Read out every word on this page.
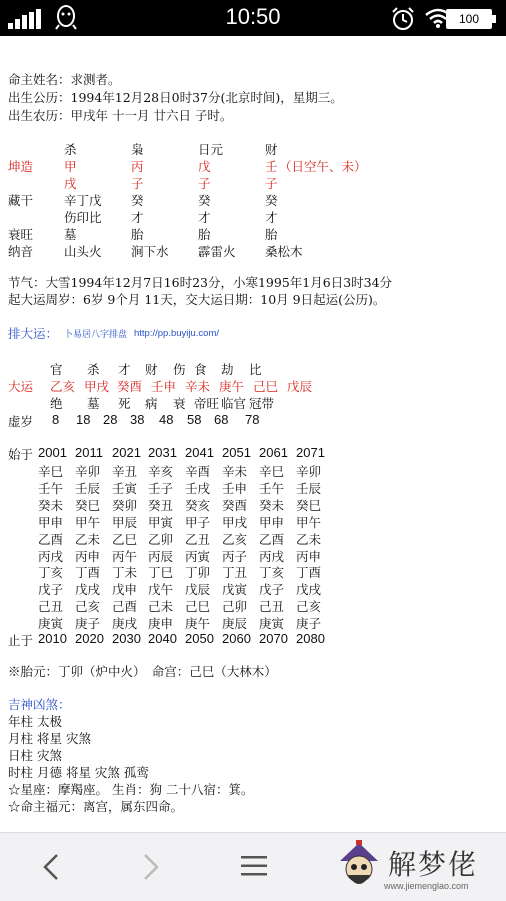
10:50	100
命主姓名：求测者。
出生公历：1994年12月28日0时37分(北京时间)，星期三。
出生农历：甲戌年 十一月 廿六日 子时。
杀	枭	日元	财
坤造 甲	丙	戊	壬 （日空午、未）
戌	子	子	子
藏干 辛丁戊 癸	癸	癸
伤印比 才	才	才
衰旺 墓	胎	胎	胎
纳音 山头火 涧下水 霹雷火 桑松木
节气：大雪1994年12月7日16时23分，小寒1995年1月6日3时34分
起大运周岁：6岁 9个月 11天，交大运日期：10月 9日起运(公历)。
排大运： 卜易居八字排盘 http://pp.buyiju.com/
官 杀 才 财 伤 食 劫 比
大运 乙亥 甲戌 癸酉 壬申 辛未 庚午 己巳 戊辰
绝 墓 死 病 衰 帝旺 临官 冠带
虚岁 8 18 28 38 48 58 68 78
始于 2001 2011 2021 2031 2041 2051 2061 2071
辛巳 辛卯 辛丑 辛亥 辛酉 辛未 辛巳 辛卯
壬午 壬辰 壬寅 壬子 壬戌 壬申 壬午 壬辰
癸未 癸巳 癸卯 癸丑 癸亥 癸酉 癸未 癸巳
甲申 甲午 甲辰 甲寅 甲子 甲戌 甲申 甲午
乙酉 乙未 乙巳 乙卯 乙丑 乙亥 乙酉 乙未
丙戌 丙申 丙午 丙辰 丙寅 丙子 丙戌 丙申
丁亥 丁酉 丁未 丁巳 丁卯 丁丑 丁亥 丁酉
戊子 戊戌 戊申 戊午 戊辰 戊寅 戊子 戊戌
己丑 己亥 己酉 己未 己巳 己卯 己丑 己亥
庚寅 庚子 庚戌 庚申 庚午 庚辰 庚寅 庚子
止于 2010 2020 2030 2040 2050 2060 2070 2080
※胎元：丁卯（炉中火）　命宫：己巳（大林木）
吉神凶煞：
年柱 太极
月柱 将星 灾煞
日柱 灾煞
时柱 月德 将星 灾煞 孤鸾
☆星座：摩羯座。 生肖：狗 二十八宿：箕。
☆命主福元：离宫，属东四命。
解梦佬
www.jiemenglao.com
